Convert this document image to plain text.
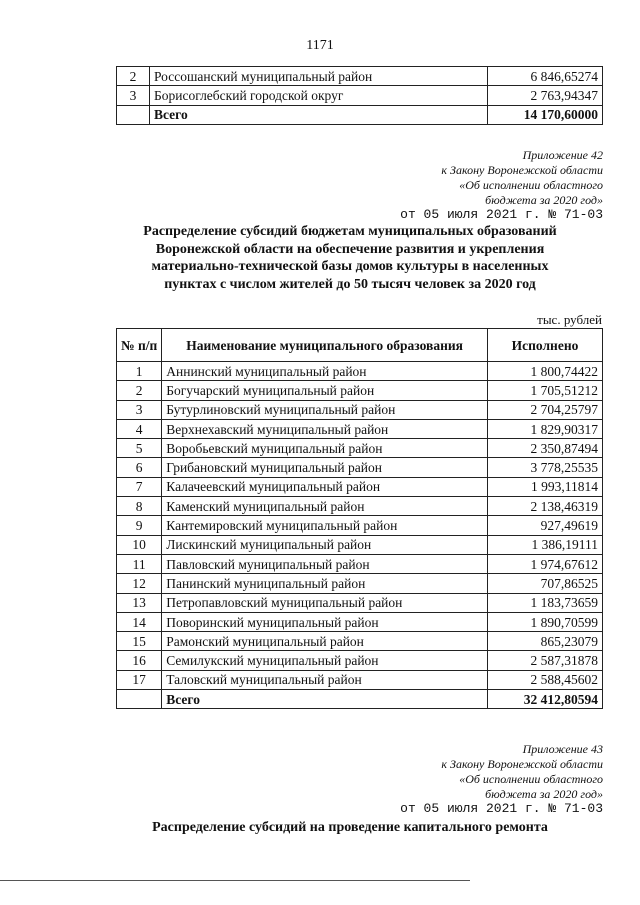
1171
2	Россошанский муниципальный район	6 846,65274
3	Борисоглебский городской округ	2 763,94347
	Всего	14 170,60000
Приложение 42
к Закону Воронежской области
«Об исполнении областного
бюджета за 2020 год»
от 05 июля 2021 г. № 71-03
Распределение субсидий бюджетам муниципальных образований
Воронежской области на обеспечение развития и укрепления
материально-технической базы домов культуры в населенных
пунктах с числом жителей до 50 тысяч человек за 2020 год
тыс. рублей
№ п/п	Наименование муниципального образования	Исполнено
1	Аннинский муниципальный район	1 800,74422
2	Богучарский муниципальный район	1 705,51212
3	Бутурлиновский муниципальный район	2 704,25797
4	Верхнехавский муниципальный район	1 829,90317
5	Воробьевский муниципальный район	2 350,87494
6	Грибановский муниципальный район	3 778,25535
7	Калачеевский муниципальный район	1 993,11814
8	Каменский муниципальный район	2 138,46319
9	Кантемировский муниципальный район	927,49619
10	Лискинский муниципальный район	1 386,19111
11	Павловский муниципальный район	1 974,67612
12	Панинский муниципальный район	707,86525
13	Петропавловский муниципальный район	1 183,73659
14	Поворинский муниципальный район	1 890,70599
15	Рамонский муниципальный район	865,23079
16	Семилукский муниципальный район	2 587,31878
17	Таловский муниципальный район	2 588,45602
	Всего	32 412,80594
Приложение 43
к Закону Воронежской области
«Об исполнении областного
бюджета за 2020 год»
от 05 июля 2021 г. № 71-03
Распределение субсидий на проведение капитального ремонта
